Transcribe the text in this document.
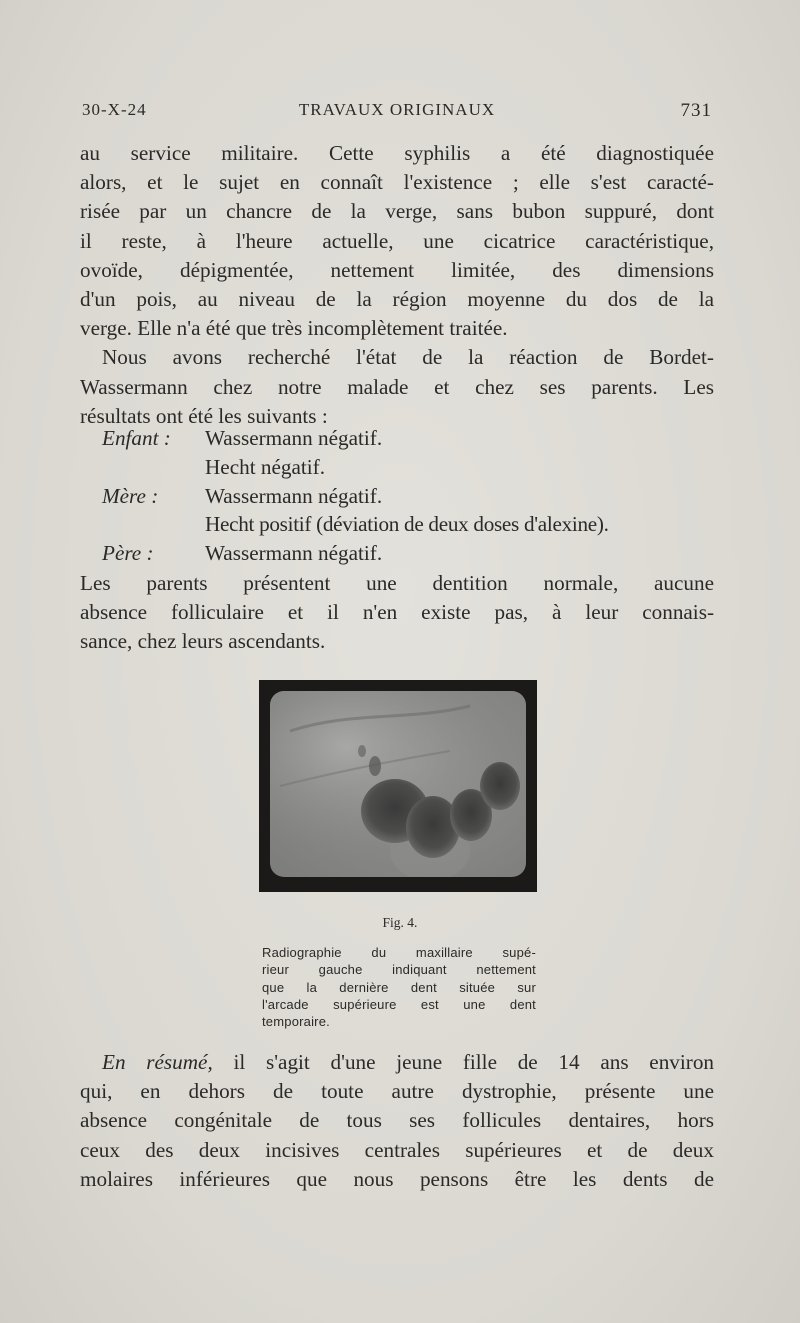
30-X-24	TRAVAUX ORIGINAUX	731
au service militaire. Cette syphilis a été diagnostiquée
alors, et le sujet en connaît l'existence ; elle s'est caracté-
risée par un chancre de la verge, sans bubon suppuré, dont
il reste, à l'heure actuelle, une cicatrice caractéristique,
ovoïde, dépigmentée, nettement limitée, des dimensions
d'un pois, au niveau de la région moyenne du dos de la
verge. Elle n'a été que très incomplètement traitée.
Nous avons recherché l'état de la réaction de Bordet-
Wassermann chez notre malade et chez ses parents. Les
résultats ont été les suivants :
Enfant : Wassermann négatif.
Hecht négatif.
Mère : Wassermann négatif.
Hecht positif (déviation de deux doses d'alexine).
Père : Wassermann négatif.
Les parents présentent une dentition normale, aucune
absence folliculaire et il n'en existe pas, à leur connais-
sance, chez leurs ascendants.
Fig. 4.
Radiographie du maxillaire supé-
rieur gauche indiquant nettement
que la dernière dent située sur
l'arcade supérieure est une dent
temporaire.
En résumé, il s'agit d'une jeune fille de 14 ans environ
qui, en dehors de toute autre dystrophie, présente une
absence congénitale de tous ses follicules dentaires, hors
ceux des deux incisives centrales supérieures et de deux
molaires inférieures que nous pensons être les dents de
